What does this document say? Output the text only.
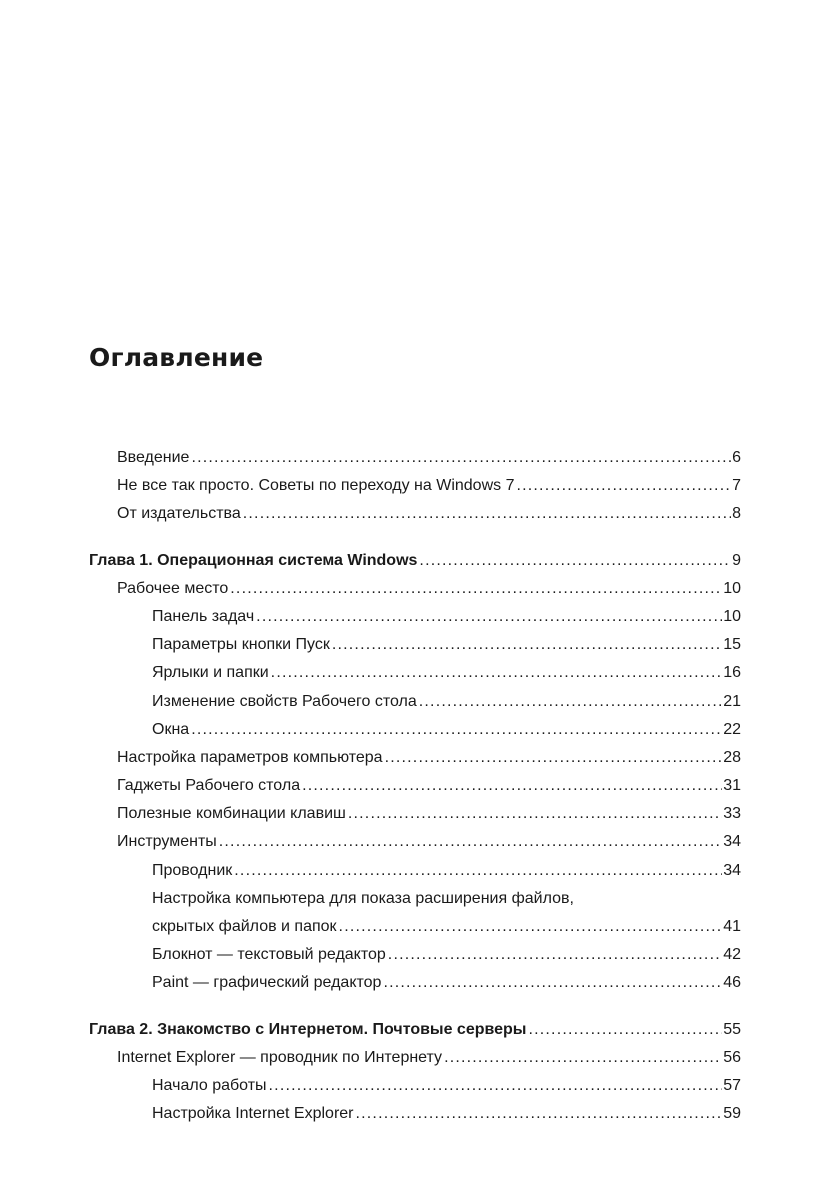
Оглавление
Введение .....	6
Не все так просто. Советы по переходу на Windows 7 .....	7
От издательства .....	8
Глава 1. Операционная система Windows .....	9
Рабочее место .....	10
Панель задач .....	10
Параметры кнопки Пуск .....	15
Ярлыки и папки .....	16
Изменение свойств Рабочего стола .....	21
Окна .....	22
Настройка параметров компьютера .....	28
Гаджеты Рабочего стола .....	31
Полезные комбинации клавиш .....	33
Инструменты .....	34
Проводник .....	34
Настройка компьютера для показа расширения файлов,
скрытых файлов и папок .....	41
Блокнот — текстовый редактор .....	42
Paint — графический редактор .....	46
Глава 2. Знакомство с Интернетом. Почтовые серверы .....	55
Internet Explorer — проводник по Интернету .....	56
Начало работы .....	57
Настройка Internet Explorer .....	59
